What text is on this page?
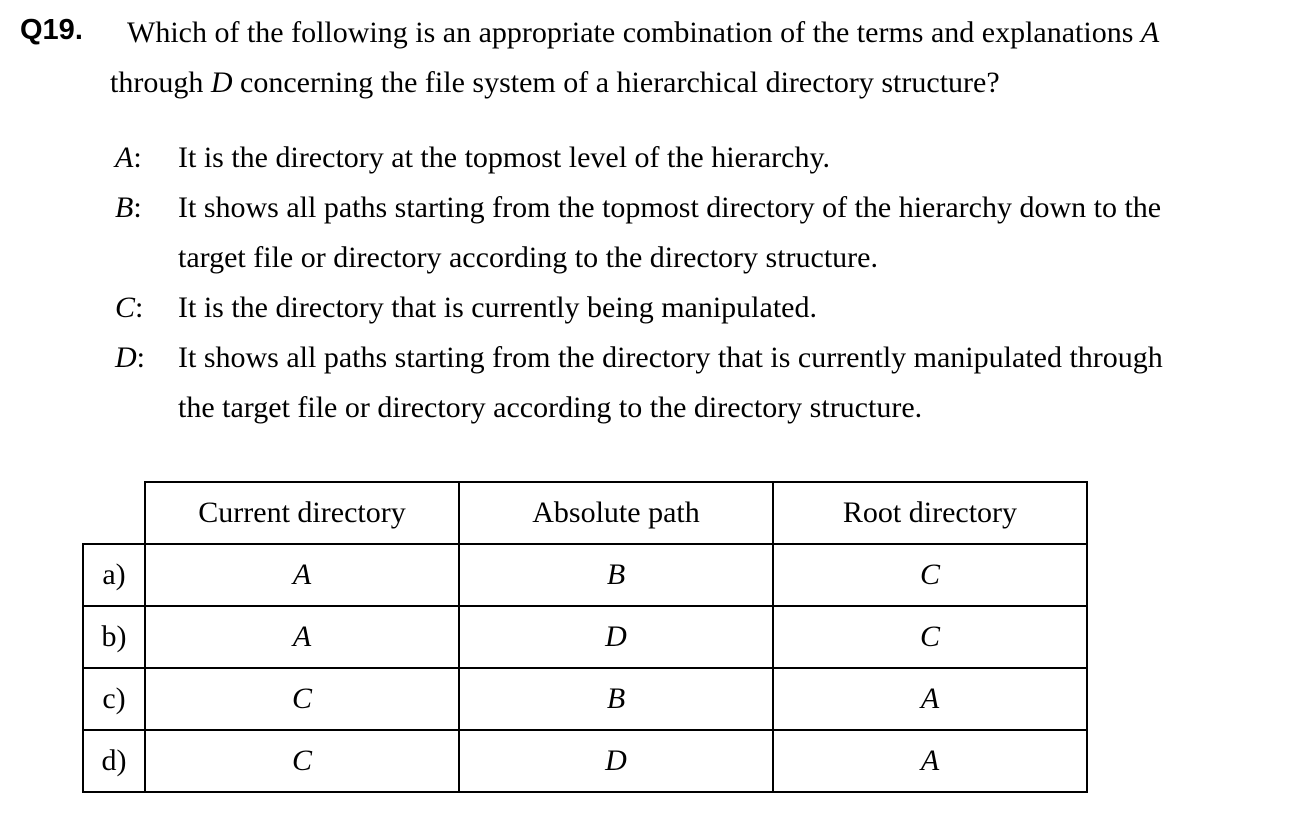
Q19. Which of the following is an appropriate combination of the terms and explanations A
through D concerning the file system of a hierarchical directory structure?
A: It is the directory at the topmost level of the hierarchy.
B: It shows all paths starting from the topmost directory of the hierarchy down to the
target file or directory according to the directory structure.
C: It is the directory that is currently being manipulated.
D: It shows all paths starting from the directory that is currently manipulated through
the target file or directory according to the directory structure.
	Current directory	Absolute path	Root directory
a)	A	B	C
b)	A	D	C
c)	C	B	A
d)	C	D	A
